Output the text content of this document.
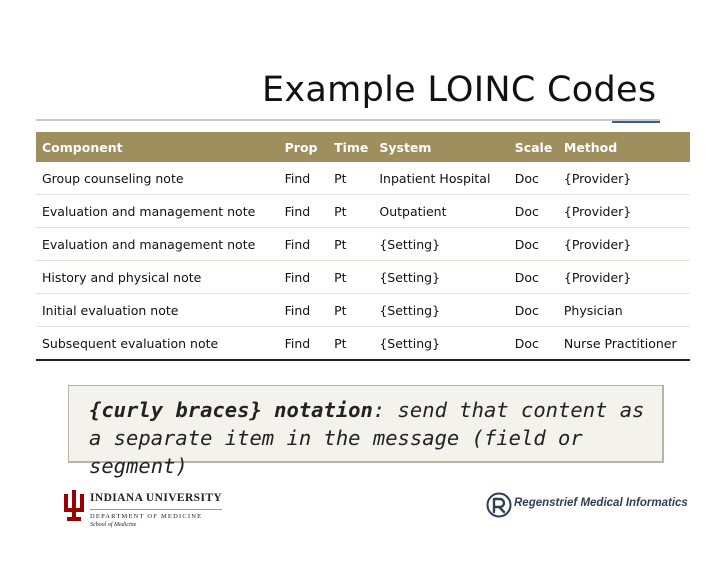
Example LOINC Codes
Component	Prop	Time	System	Scale	Method
Group counseling note	Find	Pt	Inpatient Hospital	Doc	{Provider}
Evaluation and management note	Find	Pt	Outpatient	Doc	{Provider}
Evaluation and management note	Find	Pt	{Setting}	Doc	{Provider}
History and physical note	Find	Pt	{Setting}	Doc	{Provider}
Initial evaluation note	Find	Pt	{Setting}	Doc	Physician
Subsequent evaluation note	Find	Pt	{Setting}	Doc	Nurse Practitioner
{curly braces} notation: send that content as a separate item in the message (field or segment)
INDIANA UNIVERSITY
DEPARTMENT OF MEDICINE
School of Medicine
Regenstrief Medical Informatics
